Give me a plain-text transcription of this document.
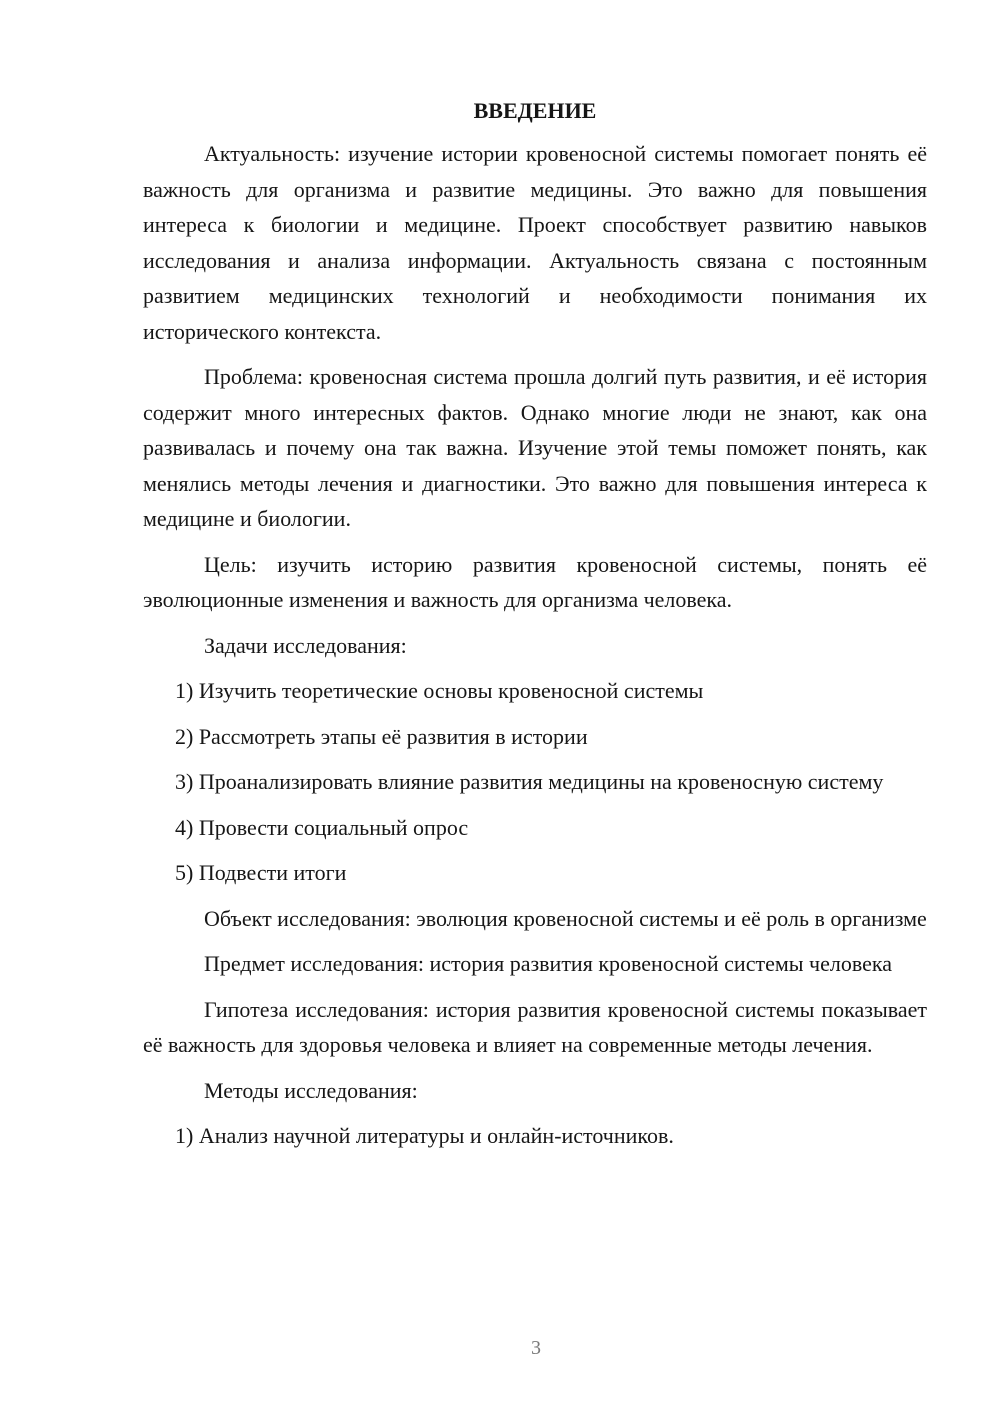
ВВЕДЕНИЕ

Актуальность: изучение истории кровеносной системы помогает понять её важность для организма и развитие медицины. Это важно для повышения интереса к биологии и медицине. Проект способствует развитию навыков исследования и анализа информации. Актуальность связана с постоянным развитием медицинских технологий и необходимости понимания их исторического контекста.

Проблема: кровеносная система прошла долгий путь развития, и её история содержит много интересных фактов. Однако многие люди не знают, как она развивалась и почему она так важна. Изучение этой темы поможет понять, как менялись методы лечения и диагностики. Это важно для повышения интереса к медицине и биологии.

Цель: изучить историю развития кровеносной системы, понять её эволюционные изменения и важность для организма человека.

Задачи исследования:

1) Изучить теоретические основы кровеносной системы

2) Рассмотреть этапы её развития в истории

3) Проанализировать влияние развития медицины на кровеносную систему

4) Провести социальный опрос

5) Подвести итоги

Объект исследования: эволюция кровеносной системы и её роль в организме

Предмет исследования: история развития кровеносной системы человека

Гипотеза исследования: история развития кровеносной системы показывает её важность для здоровья человека и влияет на современные методы лечения.

Методы исследования:

1) Анализ научной литературы и онлайн-источников.

3
